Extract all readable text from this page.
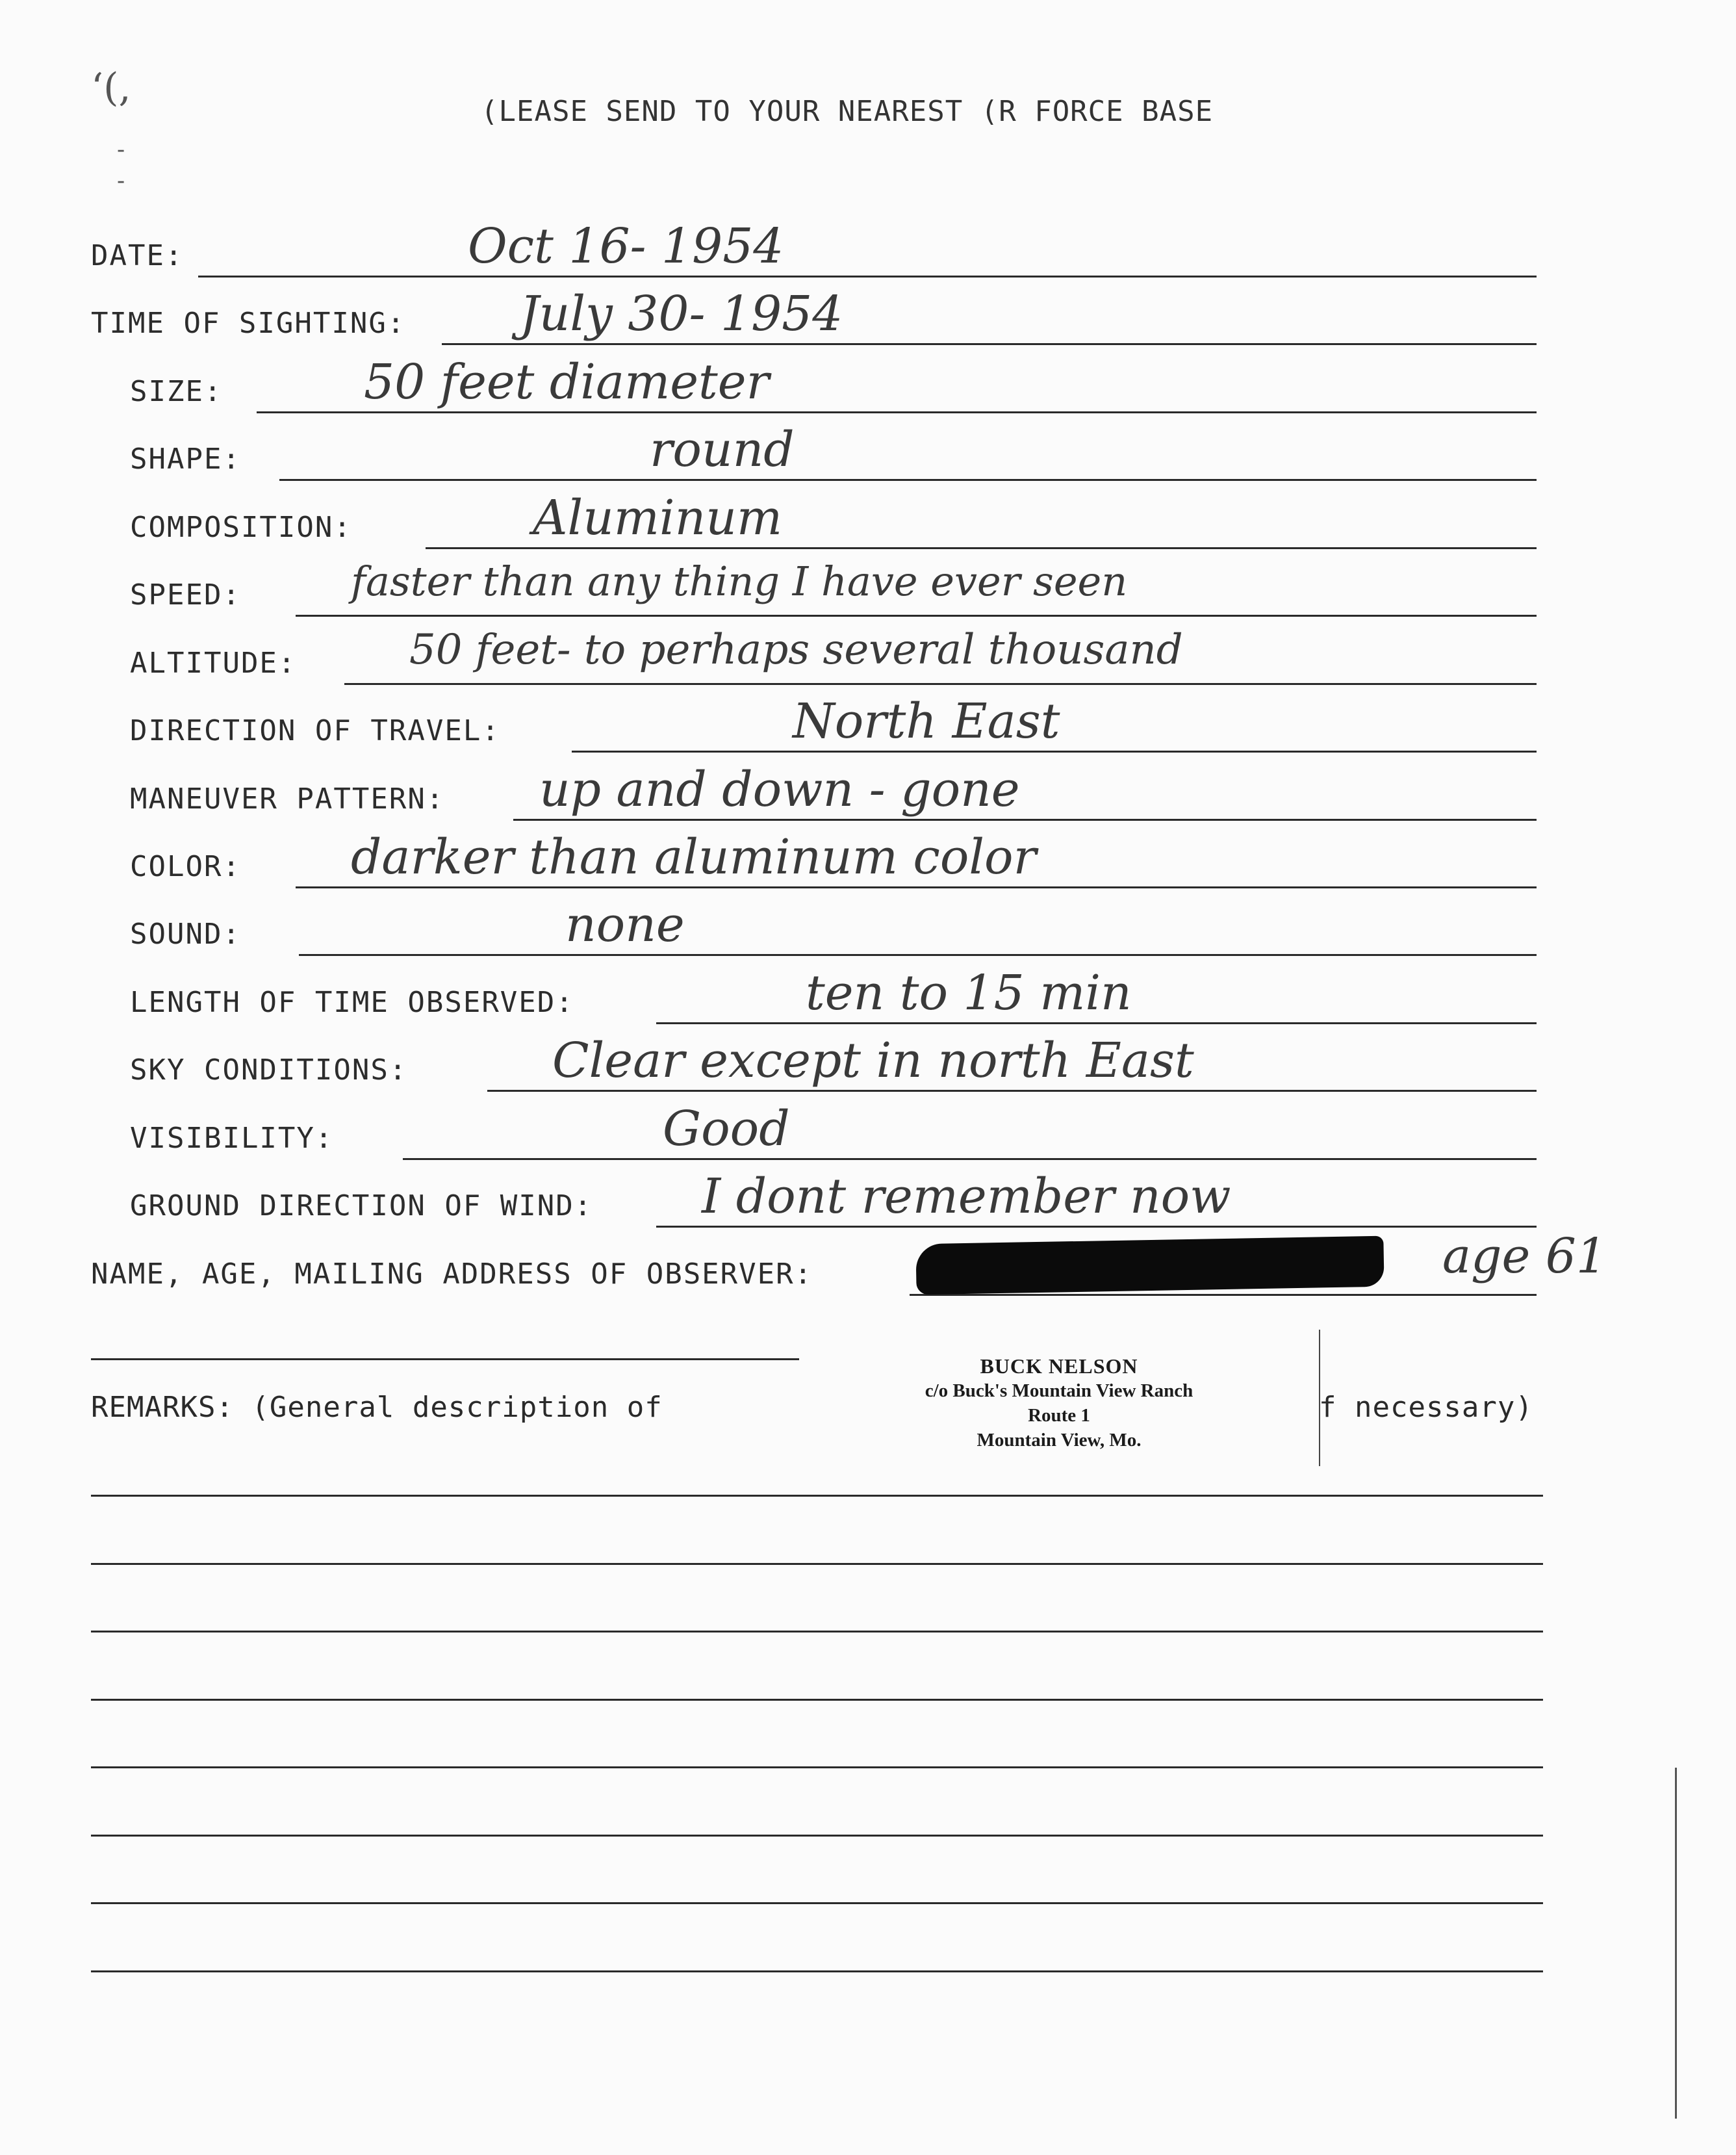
‘(,
-
-
(LEASE SEND TO YOUR NEAREST (R FORCE BASE
DATE:	Oct 16- 1954
TIME OF SIGHTING: July 30- 1954
SIZE:	50 feet diameter
SHAPE:	round
COMPOSITION:	Aluminum
SPEED:	faster than any thing I have ever seen
ALTITUDE:	50 feet- to perhaps several thousand
DIRECTION OF TRAVEL:	North East
MANEUVER PATTERN: up and down - gone
COLOR: darker than aluminum color
SOUND:	none
LENGTH OF TIME OBSERVED:	ten to 15 min
SKY CONDITIONS:	Clear except in north East
VISIBILITY:	Good
GROUND DIRECTION OF WIND: I dont remember now
NAME, AGE, MAILING ADDRESS OF OBSERVER:	age 61
REMARKS: (General description of	f necessary)
BUCK NELSON
c/o Buck's Mountain View Ranch
Route 1
Mountain View, Mo.
